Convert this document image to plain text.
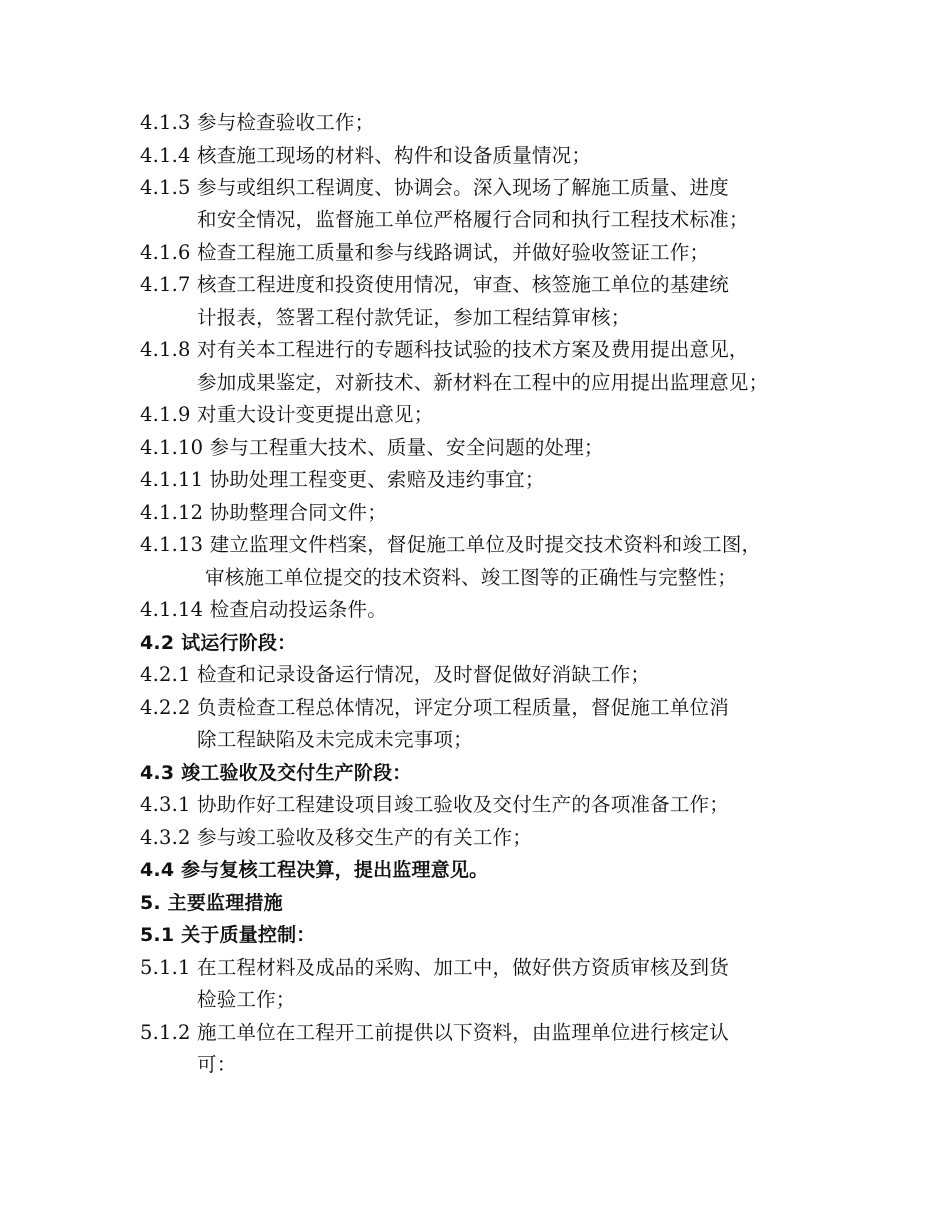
4.1.3 参与检查验收工作；
4.1.4 核查施工现场的材料、构件和设备质量情况；
4.1.5 参与或组织工程调度、协调会。深入现场了解施工质量、进度
和安全情况，监督施工单位严格履行合同和执行工程技术标准；
4.1.6 检查工程施工质量和参与线路调试，并做好验收签证工作；
4.1.7 核查工程进度和投资使用情况，审查、核签施工单位的基建统
计报表，签署工程付款凭证，参加工程结算审核；
4.1.8 对有关本工程进行的专题科技试验的技术方案及费用提出意见，
参加成果鉴定，对新技术、新材料在工程中的应用提出监理意见；
4.1.9 对重大设计变更提出意见；
4.1.10 参与工程重大技术、质量、安全问题的处理；
4.1.11 协助处理工程变更、索赔及违约事宜；
4.1.12 协助整理合同文件；
4.1.13 建立监理文件档案，督促施工单位及时提交技术资料和竣工图，
审核施工单位提交的技术资料、竣工图等的正确性与完整性；
4.1.14 检查启动投运条件。
4.2 试运行阶段：
4.2.1 检查和记录设备运行情况，及时督促做好消缺工作；
4.2.2 负责检查工程总体情况，评定分项工程质量，督促施工单位消
除工程缺陷及未完成未完事项；
4.3 竣工验收及交付生产阶段：
4.3.1 协助作好工程建设项目竣工验收及交付生产的各项准备工作；
4.3.2 参与竣工验收及移交生产的有关工作；
4.4 参与复核工程决算，提出监理意见。
5. 主要监理措施
5.1 关于质量控制：
5.1.1 在工程材料及成品的采购、加工中，做好供方资质审核及到货
检验工作；
5.1.2 施工单位在工程开工前提供以下资料，由监理单位进行核定认
可：
